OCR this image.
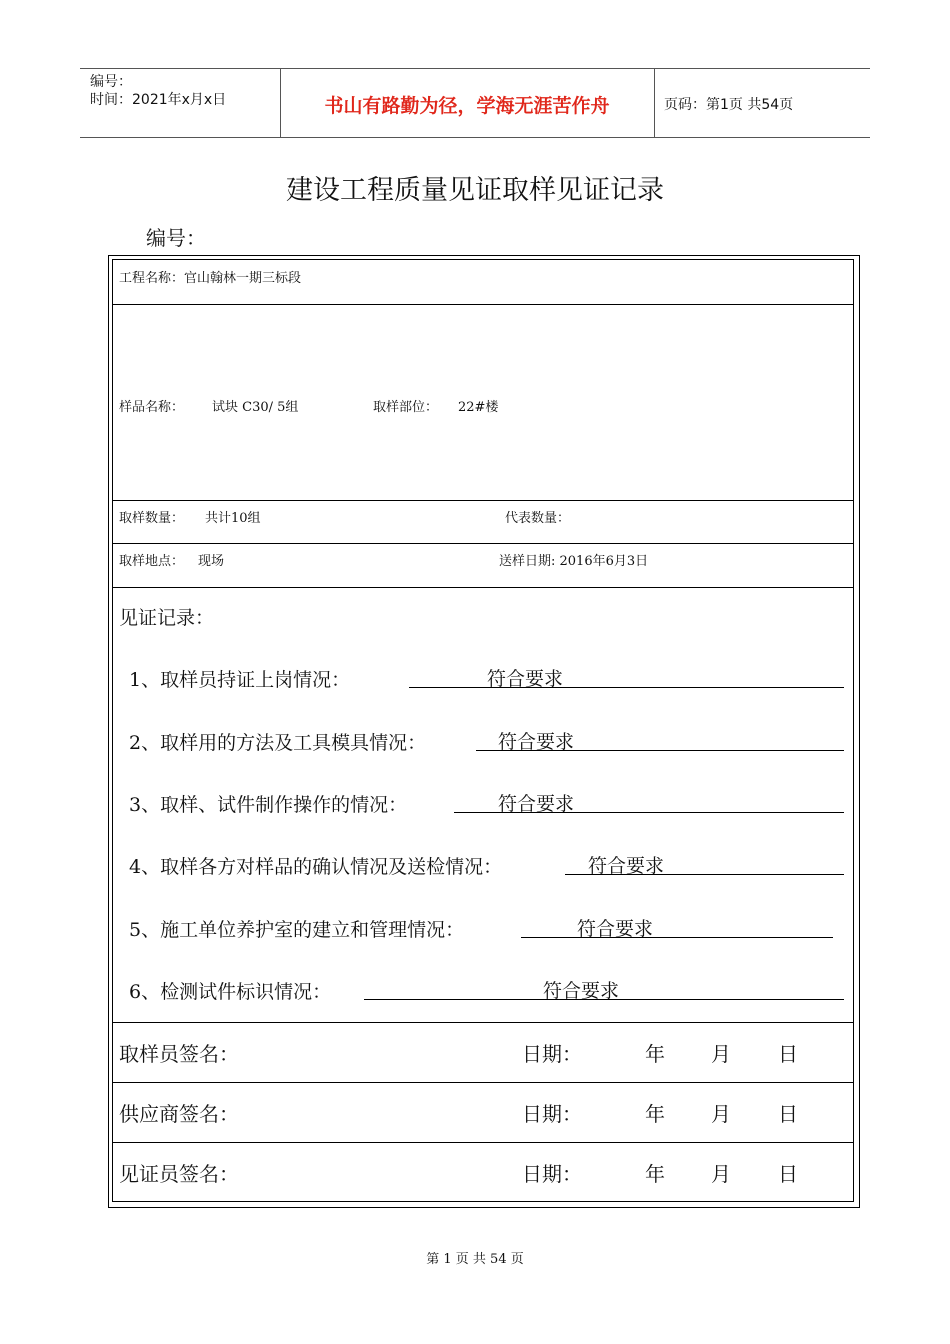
编号：
时间：2021年x月x日	书山有路勤为径，学海无涯苦作舟	页码：第1页 共54页
建设工程质量见证取样见证记录
编号：
工程名称：官山翰林一期三标段
样品名称： 试块 C30/ 5组	取样部位： 22#楼
取样数量： 共计10组	代表数量：
取样地点： 现场	送样日期: 2016年6月3日
见证记录：
1、取样员持证上岗情况：	符合要求
2、取样用的方法及工具模具情况：	符合要求
3、取样、试件制作操作的情况：	符合要求
4、取样各方对样品的确认情况及送检情况：	符合要求
5、施工单位养护室的建立和管理情况：	符合要求
6、检测试件标识情况：	符合要求
取样员签名：	日期：	年 月 日
供应商签名：	日期：	年 月 日
见证员签名：	日期：	年 月 日
第 1 页 共 54 页
